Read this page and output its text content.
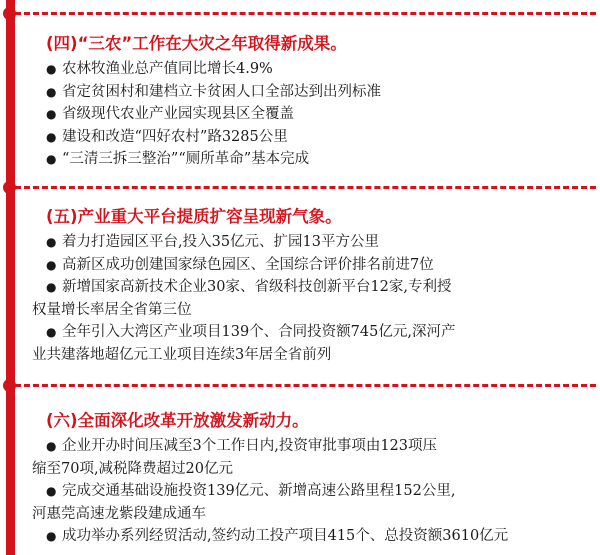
(四)“三农”工作在大灾之年取得新成果。

● 农林牧渔业总产值同比增长4.9%

● 省定贫困村和建档立卡贫困人口全部达到出列标准

● 省级现代农业产业园实现县区全覆盖

● 建设和改造“四好农村”路3285公里

● “三清三拆三整治”“厕所革命”基本完成

(五)产业重大平台提质扩容呈现新气象。

● 着力打造园区平台,投入35亿元、扩园13平方公里

● 高新区成功创建国家绿色园区、全国综合评价排名前进7位

● 新增国家高新技术企业30家、省级科技创新平台12家,专利授
权量增长率居全省第三位

● 全年引入大湾区产业项目139个、合同投资额745亿元,深河产
业共建落地超亿元工业项目连续3年居全省前列

(六)全面深化改革开放激发新动力。

● 企业开办时间压减至3个工作日内,投资审批事项由123项压
缩至70项,减税降费超过20亿元

● 完成交通基础设施投资139亿元、新增高速公路里程152公里,
河惠莞高速龙紫段建成通车

● 成功举办系列经贸活动,签约动工投产项目415个、总投资额3610亿元
